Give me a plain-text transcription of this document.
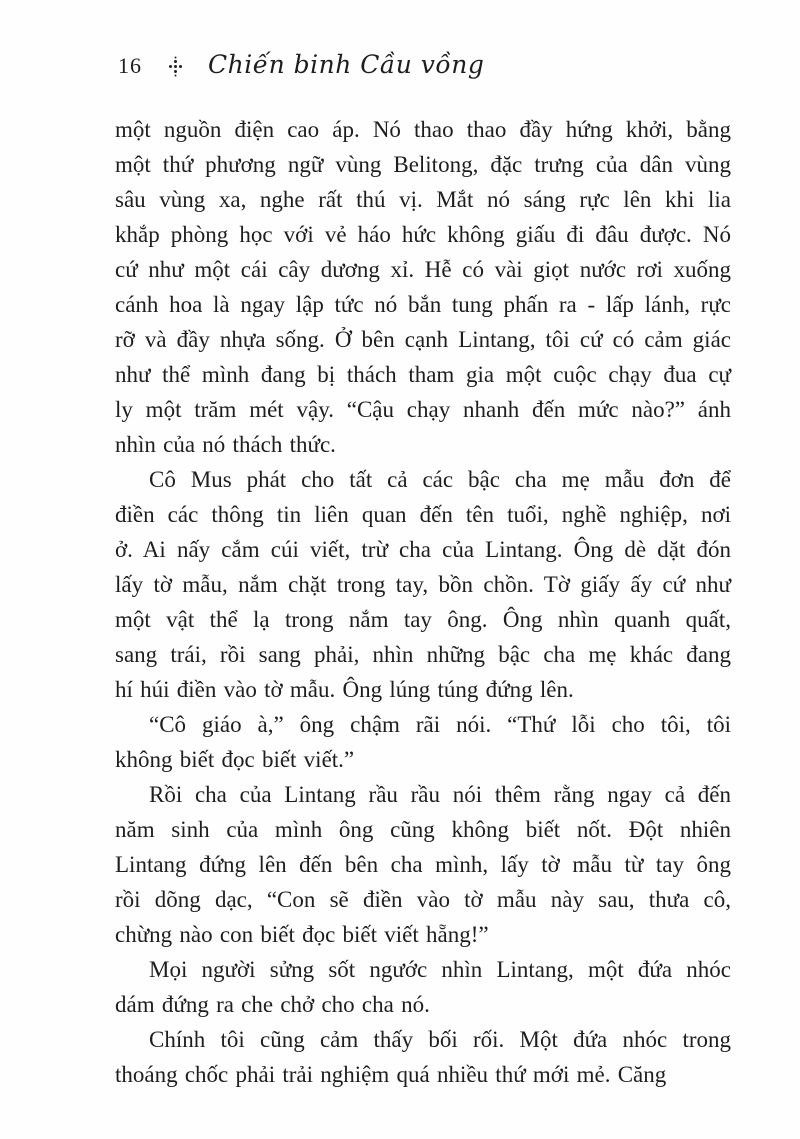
16	Chiến binh Cầu vồng
một nguồn điện cao áp. Nó thao thao đầy hứng khởi, bằng
một thứ phương ngữ vùng Belitong, đặc trưng của dân vùng
sâu vùng xa, nghe rất thú vị. Mắt nó sáng rực lên khi lia
khắp phòng học với vẻ háo hức không giấu đi đâu được. Nó
cứ như một cái cây dương xỉ. Hễ có vài giọt nước rơi xuống
cánh hoa là ngay lập tức nó bắn tung phấn ra - lấp lánh, rực
rỡ và đầy nhựa sống. Ở bên cạnh Lintang, tôi cứ có cảm giác
như thể mình đang bị thách tham gia một cuộc chạy đua cự
ly một trăm mét vậy. “Cậu chạy nhanh đến mức nào?” ánh
nhìn của nó thách thức.
Cô Mus phát cho tất cả các bậc cha mẹ mẫu đơn để
điền các thông tin liên quan đến tên tuổi, nghề nghiệp, nơi
ở. Ai nấy cắm cúi viết, trừ cha của Lintang. Ông dè dặt đón
lấy tờ mẫu, nắm chặt trong tay, bồn chồn. Tờ giấy ấy cứ như
một vật thể lạ trong nắm tay ông. Ông nhìn quanh quất,
sang trái, rồi sang phải, nhìn những bậc cha mẹ khác đang
hí húi điền vào tờ mẫu. Ông lúng túng đứng lên.
“Cô giáo à,” ông chậm rãi nói. “Thứ lỗi cho tôi, tôi
không biết đọc biết viết.”
Rồi cha của Lintang rầu rầu nói thêm rằng ngay cả đến
năm sinh của mình ông cũng không biết nốt. Đột nhiên
Lintang đứng lên đến bên cha mình, lấy tờ mẫu từ tay ông
rồi dõng dạc, “Con sẽ điền vào tờ mẫu này sau, thưa cô,
chừng nào con biết đọc biết viết hẵng!”
Mọi người sửng sốt ngước nhìn Lintang, một đứa nhóc
dám đứng ra che chở cho cha nó.
Chính tôi cũng cảm thấy bối rối. Một đứa nhóc trong
thoáng chốc phải trải nghiệm quá nhiều thứ mới mẻ. Căng
